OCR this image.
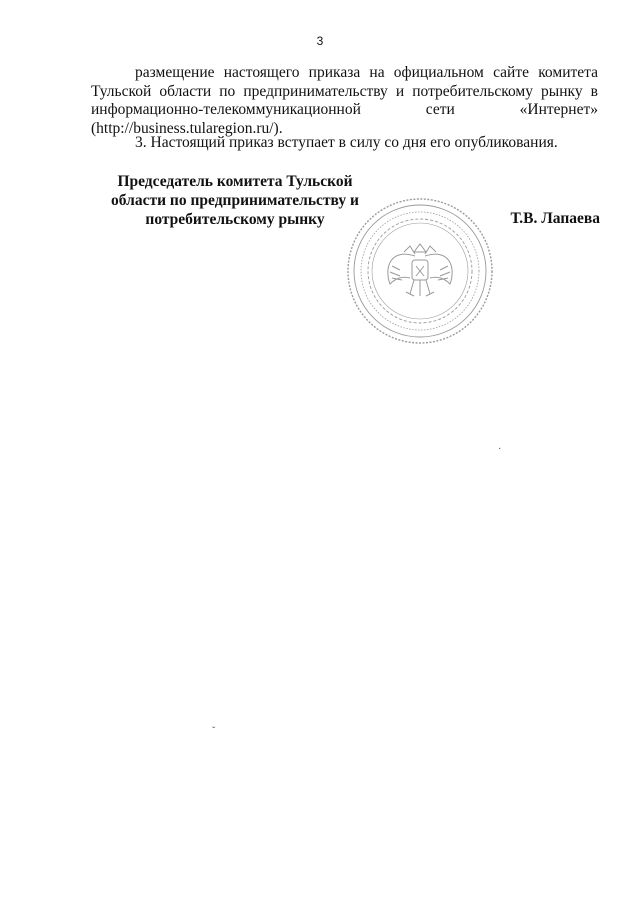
3
размещение настоящего приказа на официальном сайте комитета
Тульской области по предпринимательству и потребительскому рынку в
информационно-телекоммуникационной сети «Интернет»
(http://business.tularegion.ru/).
3. Настоящий приказ вступает в силу со дня его опубликования.
Председатель комитета Тульской
области по предпринимательству и
потребительскому рынку	Т.В. Лапаева
ˇ
·
